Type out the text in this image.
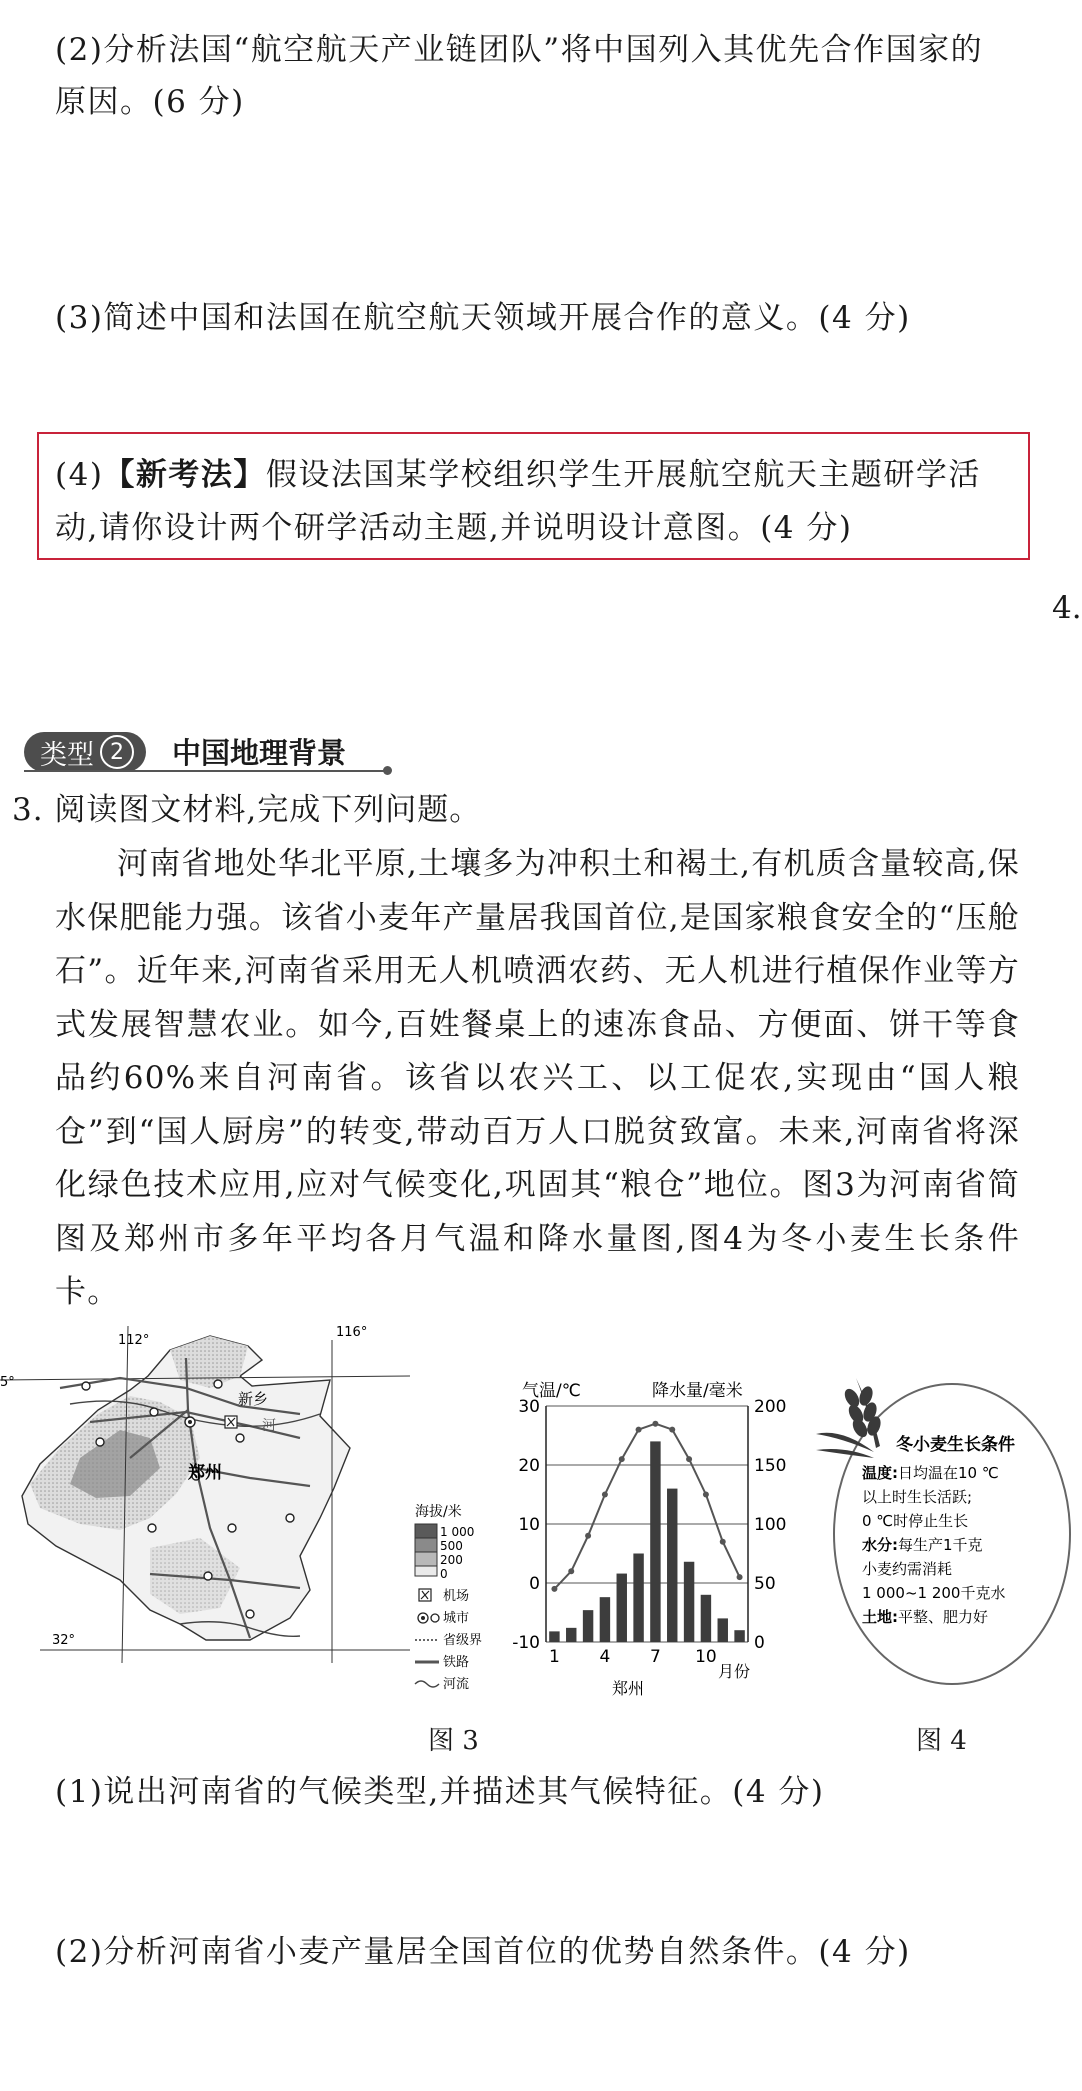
(2)分析法国“航空航天产业链团队”将中国列入其优先合作国家的
原因。(6 分)
(3)简述中国和法国在航空航天领域开展合作的意义。(4 分)
(4)【新考法】假设法国某学校组织学生开展航空航天主题研学活
动,请你设计两个研学活动主题,并说明设计意图。(4 分)
4.
类型 2	中国地理背景
3. 阅读图文材料,完成下列问题。
河南省地处华北平原,土壤多为冲积土和褐土,有机质含量较高,保水保肥能力强。该省小麦年产量居我国首位,是国家粮食安全的“压舱石”。近年来,河南省采用无人机喷洒农药、无人机进行植保作业等方式发展智慧农业。如今,百姓餐桌上的速冻食品、方便面、饼干等食品约60%来自河南省。该省以农兴工、以工促农,实现由“国人粮仓”到“国人厨房”的转变,带动百万人口脱贫致富。未来,河南省将深化绿色技术应用,应对气候变化,巩固其“粮仓”地位。图3为河南省简图及郑州市多年平均各月气温和降水量图,图4为冬小麦生长条件卡。
112°
116°
5°
32°
新乡
郑州
河
海拔/米
1 000
500
200
0
机场
城市
省级界
铁路
河流
气温/℃	降水量/毫米
月份
郑州
30
20
10
0
-10
200
150
100
50
0
1 4 7 10
冬小麦生长条件
温度:日均温在10 ℃
以上时生长活跃;
0 ℃时停止生长
水分:每生产1千克
小麦约需消耗
1 000~1 200千克水
土地:平整、肥力好
图 3	图 4
(1)说出河南省的气候类型,并描述其气候特征。(4 分)
(2)分析河南省小麦产量居全国首位的优势自然条件。(4 分)
